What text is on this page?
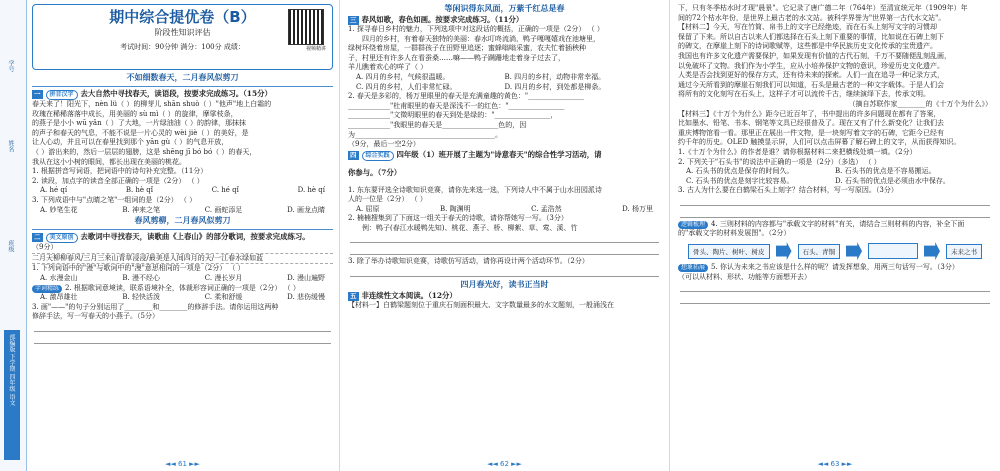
学号
姓名
班级
部编版 下学期 四年级 语文
期中综合提优卷（B）
阶段性知识评估
考试时间：90分钟 满分：100分 成绩：	视频精讲
不如细数春天，二月春风似剪刀
一 拼音汉字 去大自然中寻找春天，读语段，按要求完成练习。（15分）

春天来了！阳光下，nèn lǜ（ ）的柳芽儿 shān shuò（ ）"他声"地上白霜的

玫瑰在稀稀落落中成长，用美丽的 sù mì（ ）的旋律，摩挲枝条，

的燕子是小小 wū yǎn（ ）了大地，一片绿油油（ ）的韵律，那抹抹

的声子和春天的气息，不能不说是一片心灵的 wèi jiè（ ）的美好，是

让人心动，并且可以在春里找到那个 yān gù（ ）的气息开放，

（ ）游出来的，然后一层层的翅膀，这是 shēng jī bó bó（ ）的春天，

我从在这小小树的眼间，都长出现在美丽的桃花。

1. 根据拼音写词语，把词语中的诗句补充完整。（11分）

2. 读段，加点字的读音全部正确的一项是（2分） （ ）

A. hé qí	B. hè qǐ	C. hé qǐ	D. hè qí

3. 下列成语中与"点睛之笔"一组词的是（2分） （ ）

A. 妙笔生花	B. 神来之笔	C. 画蛇添足	D. 画龙点睛
春风剪柳，二月春风似剪刀
二 美文原创 去歌词中寻找春天，读歌曲《上春山》的部分歌词，按要求完成练习。

（9分）

二月天柳柳春风/三月三来山青草浸浸/最美是人间四月的天/一江春水绿如蓝

1. 下列词语中的"漫"与歌词中的"漫"意思相同的一项是（2分） （ ）

A. 水漫金山	B. 漫不经心	C. 漫长岁月	D. 漫山遍野

字词精练 2. 根据歌词意境读，联系语境补全，体裁形容词正确的一项是（2分） （ ）

A. 激昂雄壮	B. 轻快活泼	C. 柔和舒缓	D. 悲伤缓慢

3. 画"——"的句子分别运用了________和________的修辞手法。请你运用这两种

修辞手法，写一写春天的小燕子。（5分）

◄◄ 61 ►►
等闲识得东风面，万紫千红总是春
三 春风如歌，春色如画。按要求完成练习。（11分）

1. 探寻春日乡村的魅力，下列选项中对这段话的概括，正确的一项是（2分） （ ）

四月的乡村，有着春天独特的美丽：春水叮咚流淌，鸭子嘎嘎嬉戏在池塘里，

绿树环绕着房屋，一群群孩子在田野里追逐；蜜蜂嗡嗡采蜜，农夫忙着插秧种

子，村里还有许多人在看蚕桑……嘛——鸭子蹒跚地走着身子过去了，

羊儿瞧着欢心的咩了（ ）

A. 四月的乡村，气候很温暖。	B. 四月的乡村，动物非常幸福。
C. 四月的乡村，人们非常忙碌。	D. 四月的乡村，到处都是柳条。

2. 春天是多彩的，杨万里眼里的春天是充满童趣的黄色："________________

____________"杜甫眼里的春天是深浅不一的红色："________________

____________"文徵明眼里的春天到处是绿的："________________，

____________"我眼里的春天是________________色的，因

为________________________________________。

（9分，最后一空2分）

四 综合实践 四年级（1）班开展了主题为"诗意春天"的综合性学习活动，请

你参与。（7分）

1. 东东要评选全诗歌知识竞赛，请你先来选一选，下列诗人中不属于山水田园派诗

人的一位是（2分） （ ）

A. 屈原	B. 陶渊明	C. 孟浩然	D. 杨万里

2. 楠楠搜集到了下面这一组关于春天的诗歌，请你帮她写一写。（3分）

例：鸭子(春江水暖鸭先知)、桃花、燕子、桥、柳絮、草、莺、溪、竹

3. 除了举办诗歌知识竞赛，诗歌仿写活动，请你再设计两个活动环节。（2分）

四月春光好，读书正当时
五 非连续性文本阅读。（12分）

【材料一】白鹤梁题刻位于重庆石刻面积最大、文字数量最多的水文题刻，一般涌浅在

◄◄ 62 ►►

下，只有冬季枯水时才现"晨景"。它记录了唐广德二年（764年）至清宣统元年（1909年）年

间的72个枯水年份，是世界上最古老的水文站。被科学界誉为"世界第一古代水文站"。

【材料二】今天，写在竹简、帛书上的文字已经绝迹，而在石头上刻写文字的习惯却

保留了下来。所以自古以来人们都选择在石头上刻下重要的事情，比如说在石碑上刻下

的碑文，在摩崖上刻下的诗词歌赋等，这些都是中华民族历史文化传承的宝贵遗产。

我国也有许多文化遗产需要保护，如果发现有价值的古代石刻，千万不要随便乱刻乱画，

以免破坏了文物。我们作为小学生，应从小培养保护文物的意识，珍爱历史文化遗产。

人类是否会找到更好的保存方式，还有待未来的探索。人们一直在追寻一种记录方式，

通过今天所看到的摩崖石刻我们可以知道，石头是最古老的一种文字载体。于是人们会

将所有的文化刻写在石头上，这样子才可以流传千古，继续演绎下去，传承文明。

（摘自苏联作家________的《十万个为什么》）

【材料三】《十万个为什么》距今已近百年了，书中提出的许多问题现在都有了答案，

比如墨水、铅笔、书本、钢笔等文具已经很普及了。现在又有了什么新变化？让我们去

重庆博物馆看一看。那里正在展出一件文物，是一块刻写着文字的石碑，它距今已经有

约千年的历史。OLED 触摸显示屏，人们可以点击屏幕了解石碑上的文字，从而获得知识。

1.《十万个为什么》的作者是谁？请你根据材料二来把横线处填一填。（2分）

2. 下列关于"石头书"的说法中正确的一项是（2分）（多选） （ ）

A. 石头书的优点是保存的时间久。	B. 石头书的优点是不容易搬运。
C. 石头书的优点是刻字比较容易。	D. 石头书的优点是必须由水中保存。

3. 古人为什么要在白鹤梁石头上刻字？结合材料，写一写原因。（3分）

逻辑梳理 4. 三则材料的内容都与"承载文字的材料"有关，请结合三则材料的内容，补全下面

的"承载文字的材料发展图"。（2分）

骨头、陶片、树叶、树皮	石头、青铜	未来之书

想象拓展 5. 你认为未来之书应该是什么样的呢？请发挥想象，用两三句话写一写。（3分）

（可以从材料、形状、功能等方面想开去）

◄◄ 63 ►►
